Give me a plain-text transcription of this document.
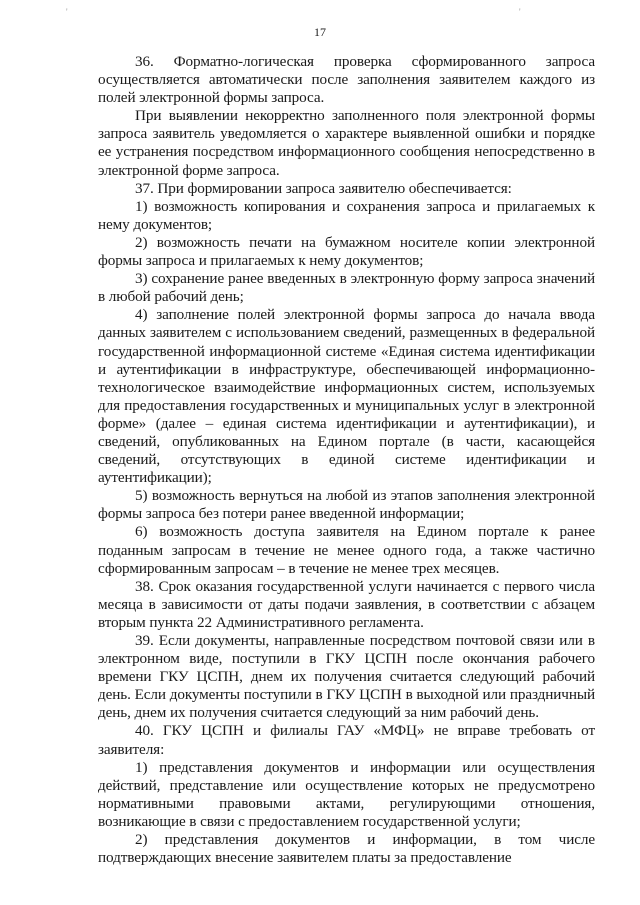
'	'
17

36. Форматно-логическая проверка сформированного запроса осуществляется автоматически после заполнения заявителем каждого из полей электронной формы запроса.

При выявлении некорректно заполненного поля электронной формы запроса заявитель уведомляется о характере выявленной ошибки и порядке ее устранения посредством информационного сообщения непосредственно в электронной форме запроса.

37. При формировании запроса заявителю обеспечивается:

1) возможность копирования и сохранения запроса и прилагаемых к нему документов;

2) возможность печати на бумажном носителе копии электронной формы запроса и прилагаемых к нему документов;

3) сохранение ранее введенных в электронную форму запроса значений в любой рабочий день;

4) заполнение полей электронной формы запроса до начала ввода данных заявителем с использованием сведений, размещенных в федеральной государственной информационной системе «Единая система идентификации и аутентификации в инфраструктуре, обеспечивающей информационно-технологическое взаимодействие информационных систем, используемых для предоставления государственных и муниципальных услуг в электронной форме» (далее – единая система идентификации и аутентификации), и сведений, опубликованных на Едином портале (в части, касающейся сведений, отсутствующих в единой системе идентификации и аутентификации);

5) возможность вернуться на любой из этапов заполнения электронной формы запроса без потери ранее введенной информации;

6) возможность доступа заявителя на Едином портале к ранее поданным запросам в течение не менее одного года, а также частично сформированным запросам – в течение не менее трех месяцев.

38. Срок оказания государственной услуги начинается с первого числа месяца в зависимости от даты подачи заявления, в соответствии с абзацем вторым пункта 22 Административного регламента.

39. Если документы, направленные посредством почтовой связи или в электронном виде, поступили в ГКУ ЦСПН после окончания рабочего времени ГКУ ЦСПН, днем их получения считается следующий рабочий день. Если документы поступили в ГКУ ЦСПН в выходной или праздничный день, днем их получения считается следующий за ним рабочий день.

40. ГКУ ЦСПН и филиалы ГАУ «МФЦ» не вправе требовать от заявителя:

1) представления документов и информации или осуществления действий, представление или осуществление которых не предусмотрено нормативными правовыми актами, регулирующими отношения, возникающие в связи с предоставлением государственной услуги;

2) представления документов и информации, в том числе подтверждающих внесение заявителем платы за предоставление
